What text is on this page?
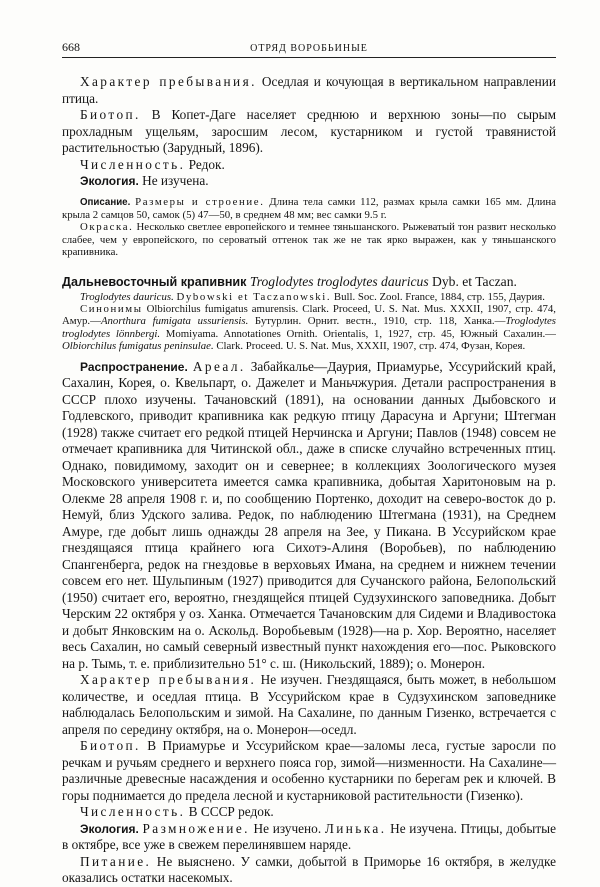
668	ОТРЯД ВОРОБЬИНЫЕ

Характер пребывания. Оседлая и кочующая в вертикальном направлении птица.

Биотоп. В Копет-Даге населяет среднюю и верхнюю зоны—по сырым прохладным ущельям, заросшим лесом, кустарником и густой травянистой растительностью (Зарудный, 1896).

Численность. Редок.

Экология. Не изучена.

Описание. Размеры и строение. Длина тела самки 112, размах крыла самки 165 мм. Длина крыла 2 самцов 50, самок (5) 47—50, в среднем 48 мм; вес самки 9.5 г.

Окраска. Несколько светлее европейского и темнее тяньшанского. Рыжеватый тон развит несколько слабее, чем у европейского, по сероватый оттенок так же не так ярко выражен, как у тяньшанского крапивника.

Дальневосточный крапивник Troglodytes troglodytes dauricus Dyb. et Taczan.

Troglodytes dauricus. Dybowski et Taczanowski. Bull. Soc. Zool. France, 1884, стр. 155, Даурия.

Синонимы Olbiorchilus fumigatus amurensis. Clark. Proceed, U. S. Nat. Mus. XXXII, 1907, стр. 474, Амур.—Anorthura fumigata ussuriensis. Бутурлин. Орнит. вестн., 1910, стр. 118, Ханка.—Troglodytes troglodytes lönnbergi. Momiyama. Annotationes Ornith. Orientalis, 1, 1927, стр. 45, Южный Сахалин.—Olbiorchilus fumigatus peninsulae. Clark. Proceed. U. S. Nat. Mus, XXXII, 1907, стр. 474, Фузан, Корея.

Распространение. Ареал. Забайкалье—Даурия, Приамурье, Уссурийский край, Сахалин, Корея, о. Квельпарт, о. Дажелет и Маньчжурия. Детали распространения в СССР плохо изучены. Тачановский (1891), на основании данных Дыбовского и Годлевского, приводит крапивника как редкую птицу Дарасуна и Аргуни; Штегман (1928) также считает его редкой птицей Нерчинска и Аргуни; Павлов (1948) совсем не отмечает крапивника для Читинской обл., даже в списке случайно встреченных птиц. Однако, повидимому, заходит он и севернее; в коллекциях Зоологического музея Московского университета имеется самка крапивника, добытая Харитоновым на р. Олекме 28 апреля 1908 г. и, по сообщению Портенко, доходит на северо-восток до р. Немуй, близ Удского залива. Редок, по наблюдению Штегмана (1931), на Среднем Амуре, где добыт лишь однажды 28 апреля на Зее, у Пикана. В Уссурийском крае гнездящаяся птица крайнего юга Сихотэ-Алиня (Воробьев), по наблюдению Спангенберга, редок на гнездовье в верховьях Имана, на среднем и нижнем течении совсем его нет. Шульпиным (1927) приводится для Сучанского района, Белопольский (1950) считает его, вероятно, гнездящейся птицей Судзухинского заповедника. Добыт Черским 22 октября у оз. Ханка. Отмечается Тачановским для Сидеми и Владивостока и добыт Янковским на о. Аскольд. Воробьевым (1928)—на р. Хор. Вероятно, населяет весь Сахалин, но самый северный известный пункт нахождения его—пос. Рыковского на р. Тымь, т. е. приблизительно 51° с. ш. (Никольский, 1889); о. Монерон.

Характер пребывания. Не изучен. Гнездящаяся, быть может, в небольшом количестве, и оседлая птица. В Уссурийском крае в Судзухинском заповеднике наблюдалась Белопольским и зимой. На Сахалине, по данным Гизенко, встречается с апреля по середину октября, на о. Монерон—оседл.

Биотоп. В Приамурье и Уссурийском крае—заломы леса, густые заросли по речкам и ручьям среднего и верхнего пояса гор, зимой—низменности. На Сахалине—различные древесные насаждения и особенно кустарники по берегам рек и ключей. В горы поднимается до предела лесной и кустарниковой растительности (Гизенко).

Численность. В СССР редок.

Экология. Размножение. Не изучено. Линька. Не изучена. Птицы, добытые в октябре, все уже в свежем перелинявшем наряде.

Питание. Не выяснено. У самки, добытой в Приморье 16 октября, в желудке оказались остатки насекомых.
